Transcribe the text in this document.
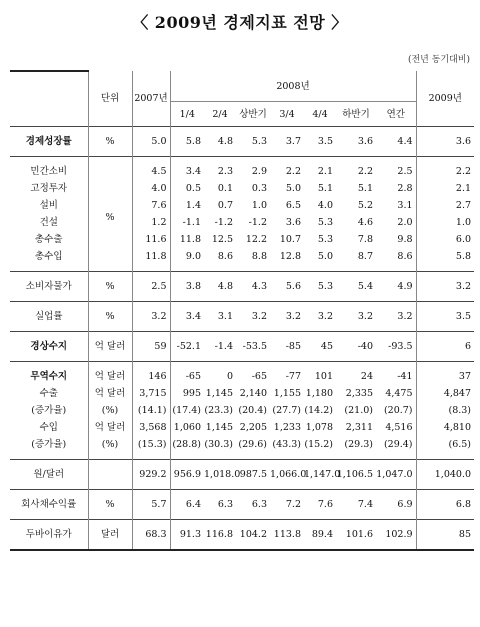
〈 2009년 경제지표 전망 〉
(전년 동기대비)
	단위	2007년	2008년							2009년
			1/4	2/4	상반기	3/4	4/4	하반기	연간	
경제성장률	%	5.0	5.8	4.8	5.3	3.7	3.5	3.6	4.4	3.6
민간소비	%	4.5	3.4	2.3	2.9	2.2	2.1	2.2	2.5	2.2
고정투자		4.0	0.5	0.1	0.3	5.0	5.1	5.1	2.8	2.1
설비		7.6	1.4	0.7	1.0	6.5	4.0	5.2	3.1	2.7
건설		1.2	-1.1	-1.2	-1.2	3.6	5.3	4.6	2.0	1.0
총수출		11.6	11.8	12.5	12.2	10.7	5.3	7.8	9.8	6.0
총수입		11.8	9.0	8.6	8.8	12.8	5.0	8.7	8.6	5.8
소비자물가	%	2.5	3.8	4.8	4.3	5.6	5.3	5.4	4.9	3.2
실업률	%	3.2	3.4	3.1	3.2	3.2	3.2	3.2	3.2	3.5
경상수지	억 달러	59	-52.1	-1.4	-53.5	-85	45	-40	-93.5	6
무역수지	억 달러	146	-65	0	-65	-77	101	24	-41	37
수출	억 달러	3,715	995	1,145	2,140	1,155	1,180	2,335	4,475	4,847
(증가율)	(%)	(14.1)	(17.4)	(23.3)	(20.4)	(27.7)	(14.2)	(21.0)	(20.7)	(8.3)
수입	억 달러	3,568	1,060	1,145	2,205	1,233	1,078	2,311	4,516	4,810
(증가율)	(%)	(15.3)	(28.8)	(30.3)	(29.6)	(43.3)	(15.2)	(29.3)	(29.4)	(6.5)
원/달러		929.2	956.9	1,018.0	987.5	1,066.0	1,147.0	1,106.5	1,047.0	1,040.0
회사채수익률	%	5.7	6.4	6.3	6.3	7.2	7.6	7.4	6.9	6.8
두바이유가	달러	68.3	91.3	116.8	104.2	113.8	89.4	101.6	102.9	85
